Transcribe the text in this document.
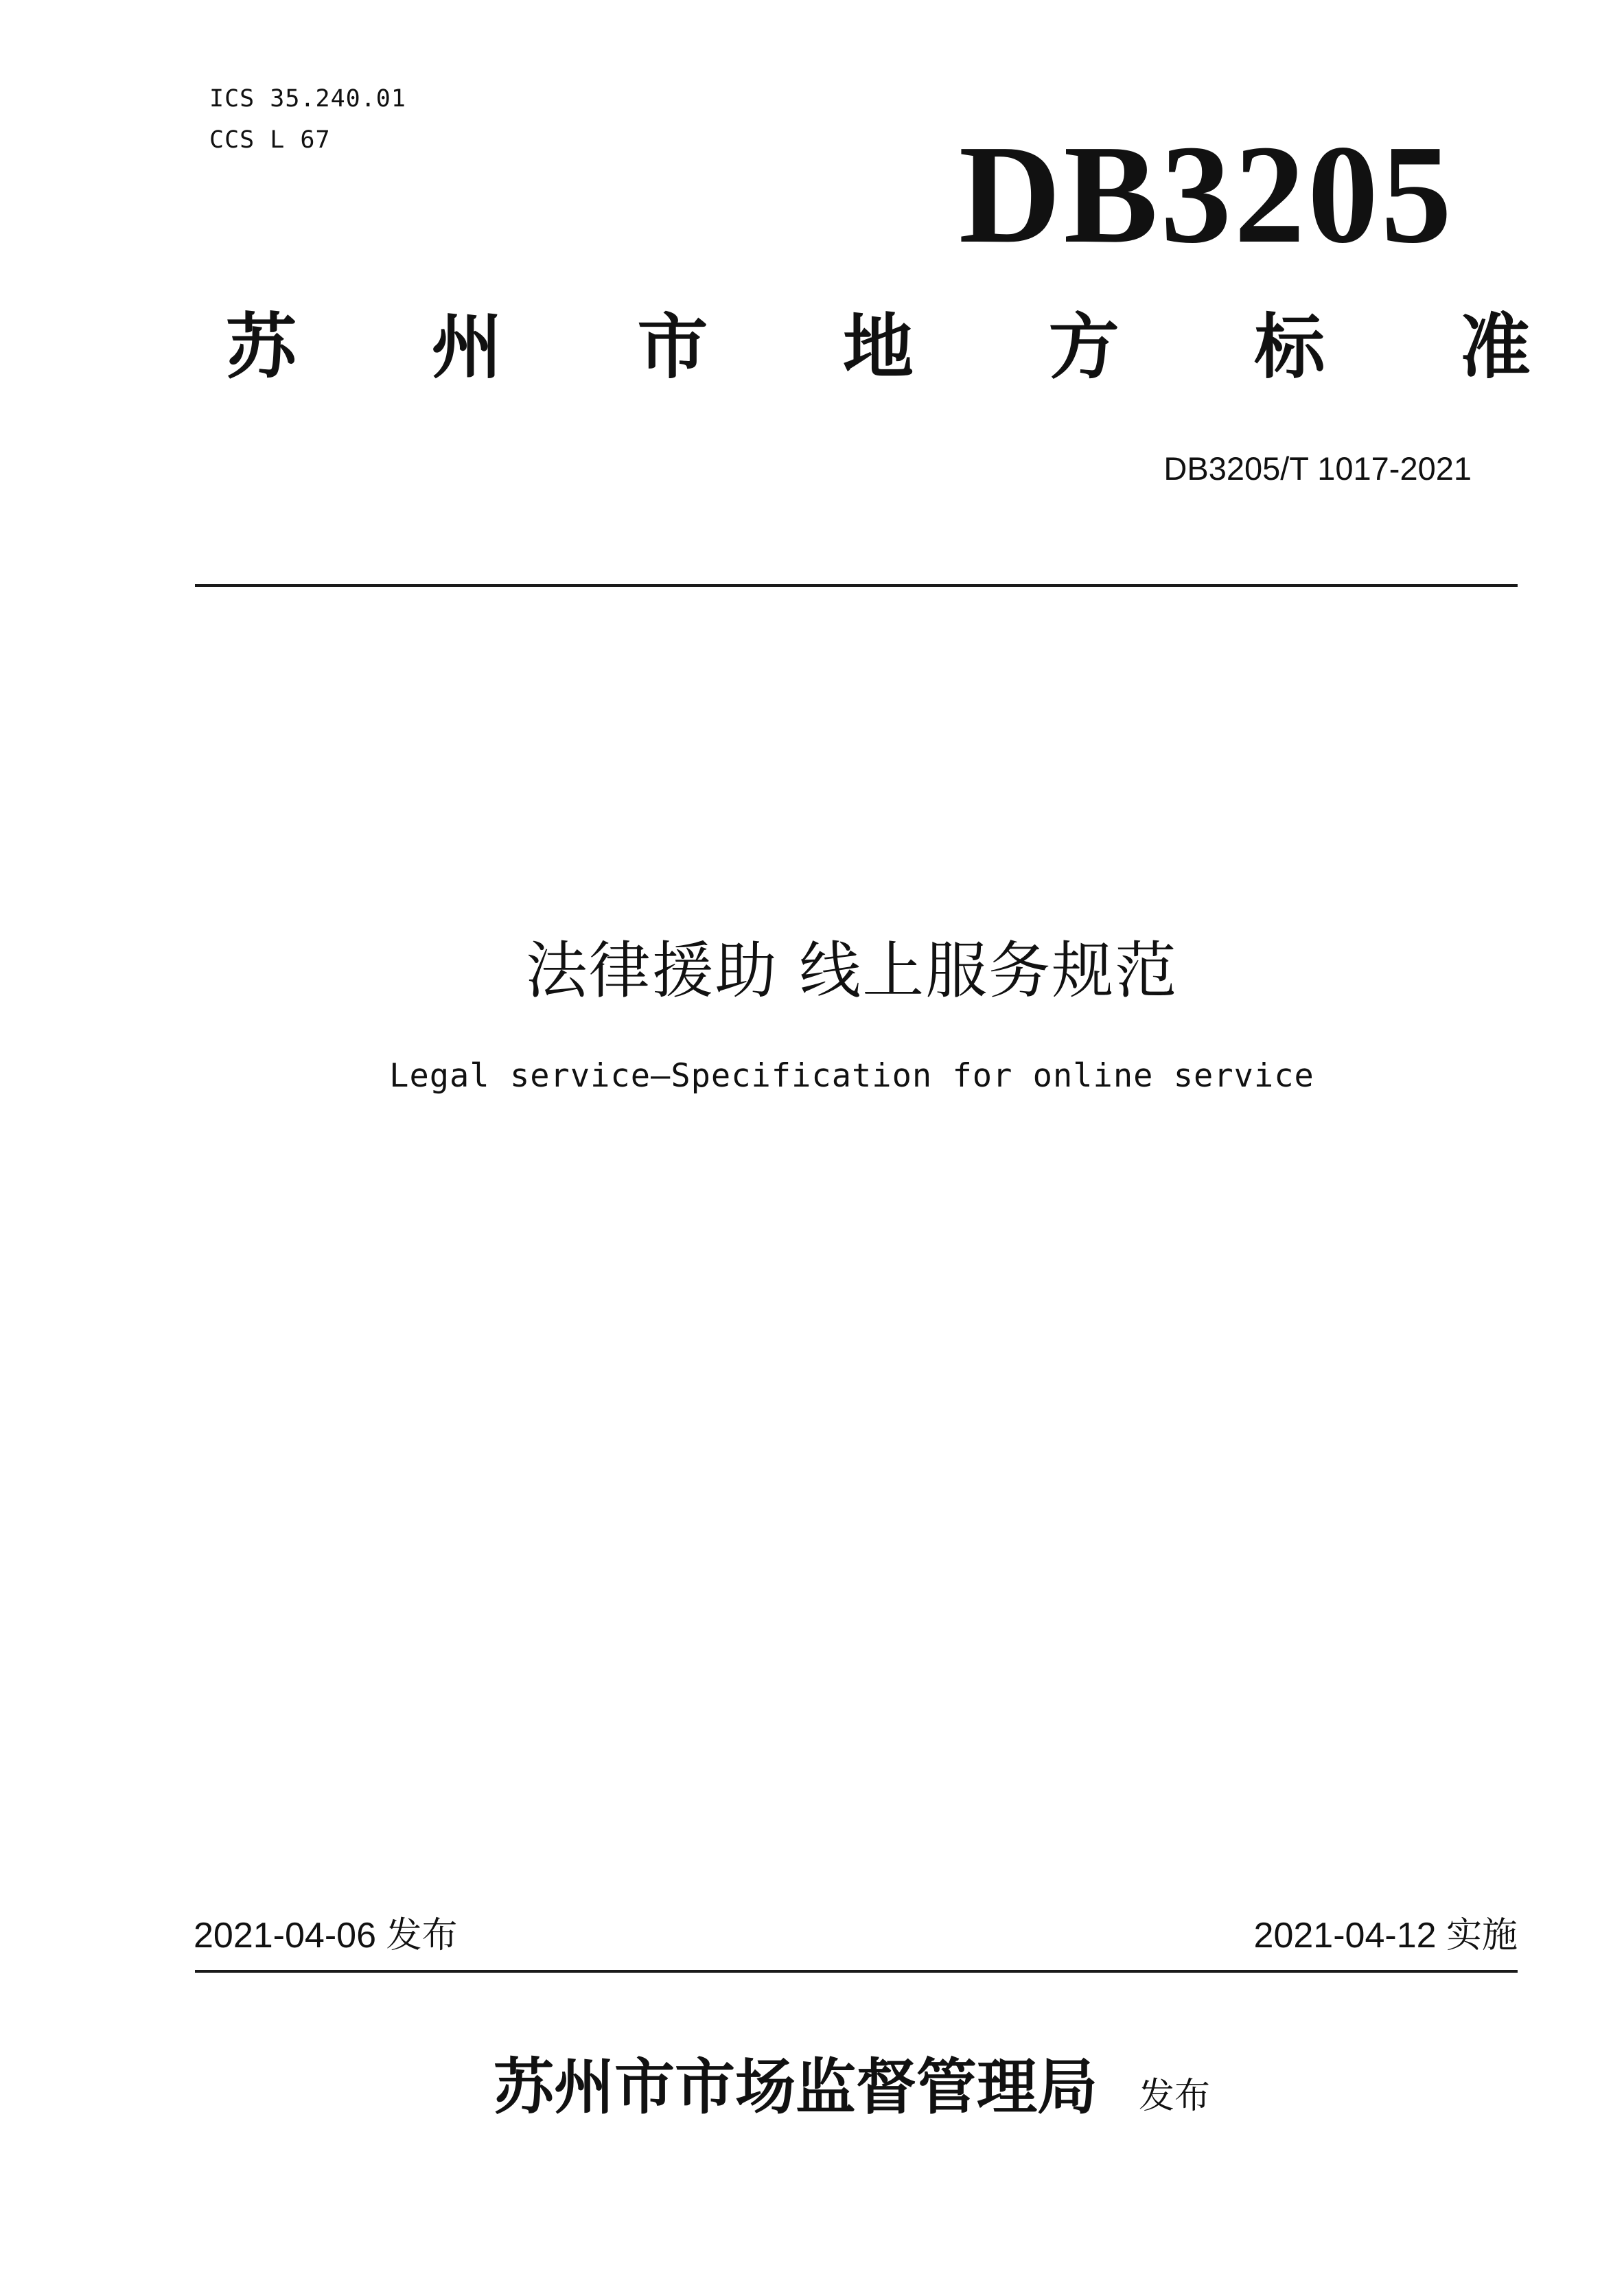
ICS 35.240.01

CCS L 67	DB3205

苏 州 市 地 方 标 准

DB3205/T 1017-2021

法律援助 线上服务规范

Legal service—Specification for online service

2021-04-06 发布	2021-04-12 实施

苏州市市场监督管理局 发布
